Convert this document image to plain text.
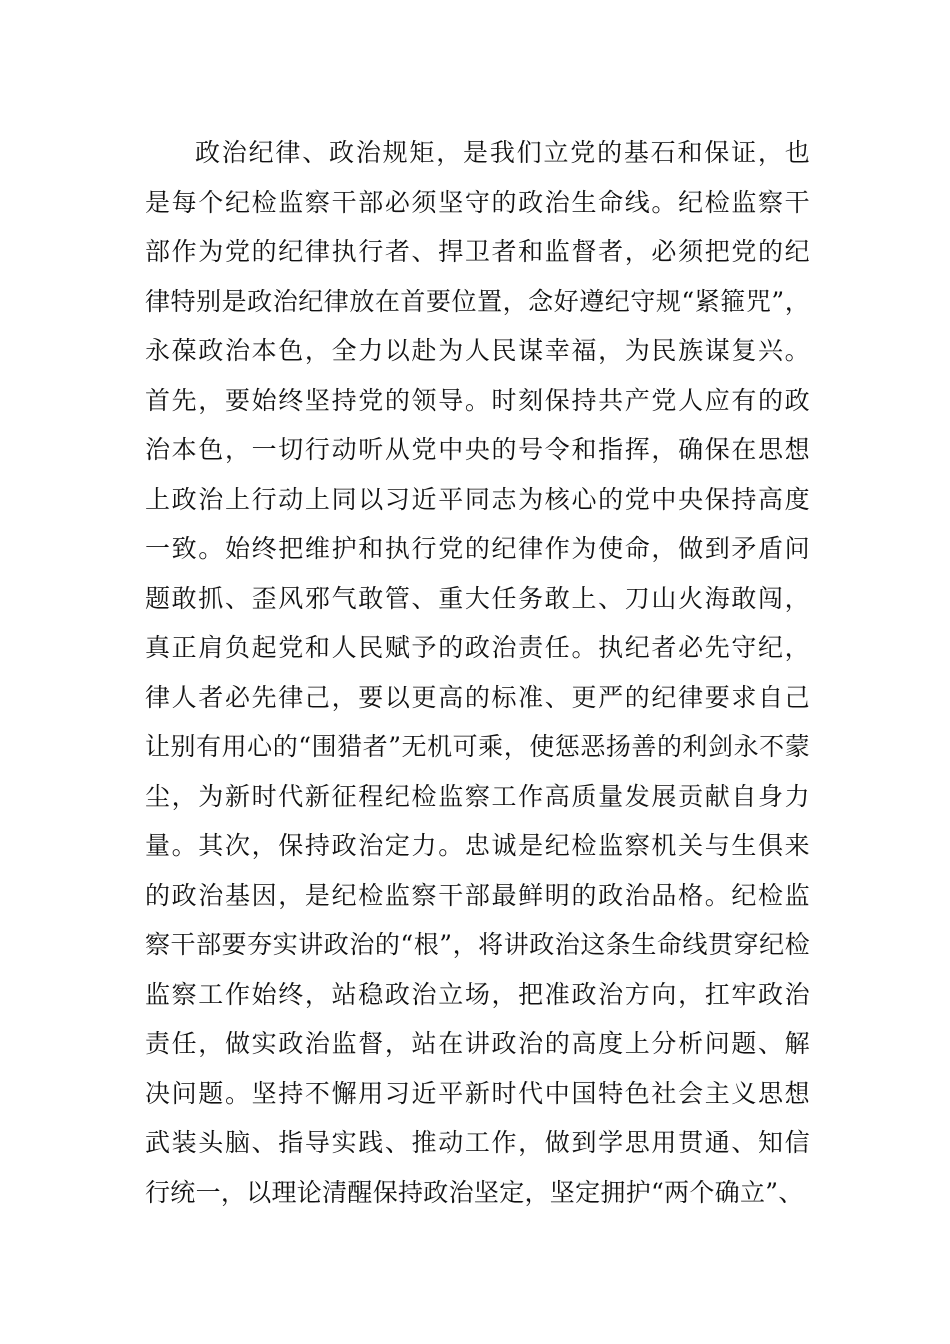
政治纪律、政治规矩，是我们立党的基石和保证，也
是每个纪检监察干部必须坚守的政治生命线。纪检监察干
部作为党的纪律执行者、捍卫者和监督者，必须把党的纪
律特别是政治纪律放在首要位置，念好遵纪守规“紧箍咒”，
永葆政治本色，全力以赴为人民谋幸福，为民族谋复兴。
首先，要始终坚持党的领导。时刻保持共产党人应有的政
治本色，一切行动听从党中央的号令和指挥，确保在思想
上政治上行动上同以习近平同志为核心的党中央保持高度
一致。始终把维护和执行党的纪律作为使命，做到矛盾问
题敢抓、歪风邪气敢管、重大任务敢上、刀山火海敢闯，
真正肩负起党和人民赋予的政治责任。执纪者必先守纪，
律人者必先律己，要以更高的标准、更严的纪律要求自己
让别有用心的“围猎者”无机可乘，使惩恶扬善的利剑永不蒙
尘，为新时代新征程纪检监察工作高质量发展贡献自身力
量。其次，保持政治定力。忠诚是纪检监察机关与生俱来
的政治基因，是纪检监察干部最鲜明的政治品格。纪检监
察干部要夯实讲政治的“根”，将讲政治这条生命线贯穿纪检
监察工作始终，站稳政治立场，把准政治方向，扛牢政治
责任，做实政治监督，站在讲政治的高度上分析问题、解
决问题。坚持不懈用习近平新时代中国特色社会主义思想
武装头脑、指导实践、推动工作，做到学思用贯通、知信
行统一，以理论清醒保持政治坚定，坚定拥护“两个确立”、
